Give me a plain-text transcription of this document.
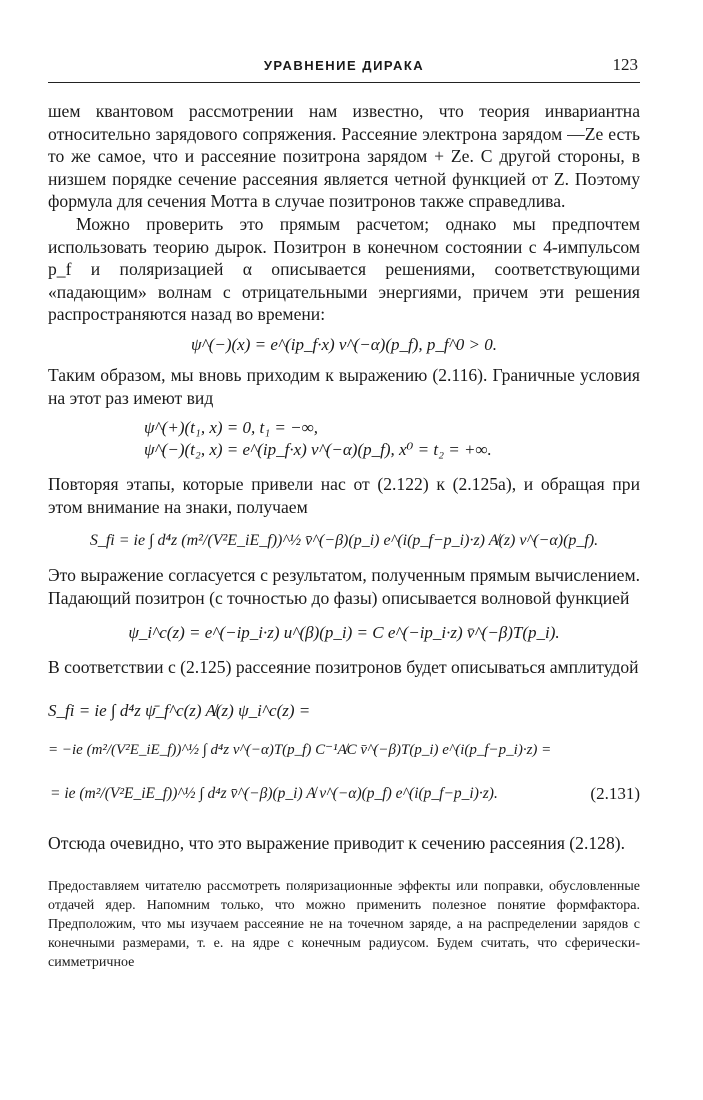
УРАВНЕНИЕ ДИРАКА	123

шем квантовом рассмотрении нам известно, что теория инвариантна относительно зарядового сопряжения. Рассеяние электрона зарядом —Ze есть то же самое, что и рассеяние позитрона зарядом + Ze. С другой стороны, в низшем порядке сечение рассеяния является четной функцией от Z. Поэтому формула для сечения Мотта в случае позитронов также справедлива.

Можно проверить это прямым расчетом; однако мы предпочтем использовать теорию дырок. Позитрон в конечном состоянии с 4-импульсом p_f и поляризацией α описывается решениями, соответствующими «падающим» волнам с отрицательными энергиями, причем эти решения распространяются назад во времени:

ψ^(−)(x) = e^(ip_f·x) v^(−α)(p_f), p_f^0 > 0.

Таким образом, мы вновь приходим к выражению (2.116). Граничные условия на этот раз имеют вид

ψ^(+)(t₁, x) = 0, t₁ = −∞,
ψ^(−)(t₂, x) = e^(ip_f·x) v^(−α)(p_f), x⁰ = t₂ = +∞.

Повторяя этапы, которые привели нас от (2.122) к (2.125a), и обращая при этом внимание на знаки, получаем

S_fi = ie ∫ d⁴z (m²/(V²E_iE_f))^½ v̄^(−β)(p_i) e^(i(p_f−p_i)·z) A̸(z) v^(−α)(p_f).

Это выражение согласуется с результатом, полученным прямым вычислением. Падающий позитрон (с точностью до фазы) описывается волновой функцией

ψ_i^c(z) = e^(−ip_i·z) u^(β)(p_i) = C e^(−ip_i·z) v̄^(−β)T(p_i).

В соответствии с (2.125) рассеяние позитронов будет описываться амплитудой

S_fi = ie ∫ d⁴z ψ̄_f^c(z) A̸(z) ψ_i^c(z) =
= −ie (m²/(V²E_iE_f))^½ ∫ d⁴z v^(−α)T(p_f) C⁻¹A̸C v̄^(−β)T(p_i) e^(i(p_f−p_i)·z) =
= ie (m²/(V²E_iE_f))^½ ∫ d⁴z v̄^(−β)(p_i) A̸ v^(−α)(p_f) e^(i(p_f−p_i)·z).	(2.131)

Отсюда очевидно, что это выражение приводит к сечению рассеяния (2.128).

Предоставляем читателю рассмотреть поляризационные эффекты или поправки, обусловленные отдачей ядер. Напомним только, что можно применить полезное понятие формфактора. Предположим, что мы изучаем рассеяние не на точечном заряде, а на распределении зарядов с конечными размерами, т. е. на ядре с конечным радиусом. Будем считать, что сферически-симметричное
